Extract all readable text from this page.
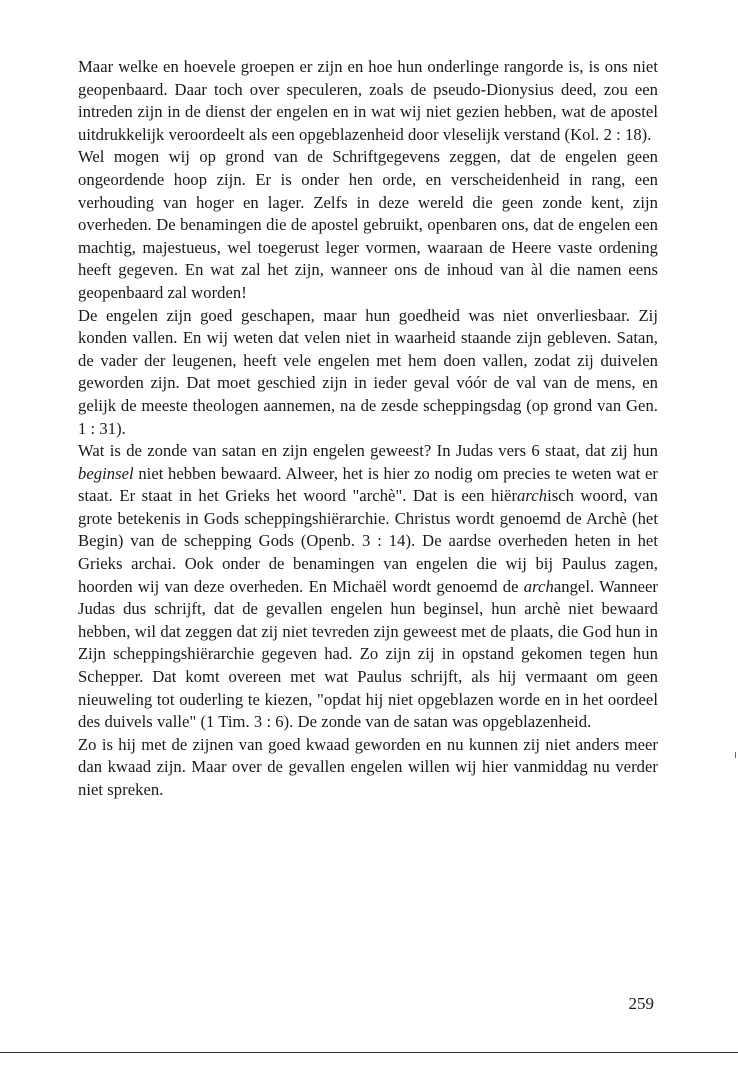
Maar welke en hoevele groepen er zijn en hoe hun onderlinge rangorde is, is ons niet geopenbaard. Daar toch over speculeren, zoals de pseudo-Dionysius deed, zou een intreden zijn in de dienst der engelen en in wat wij niet gezien hebben, wat de apostel uitdrukkelijk veroordeelt als een opgeblazenheid door vleselijk verstand (Kol. 2 : 18).

Wel mogen wij op grond van de Schriftgegevens zeggen, dat de engelen geen ongeordende hoop zijn. Er is onder hen orde, en verscheidenheid in rang, een verhouding van hoger en lager. Zelfs in deze wereld die geen zonde kent, zijn overheden. De benamingen die de apostel gebruikt, openbaren ons, dat de engelen een machtig, majestueus, wel toegerust leger vormen, waaraan de Heere vaste ordening heeft gegeven. En wat zal het zijn, wanneer ons de inhoud van àl die namen eens geopenbaard zal worden!

De engelen zijn goed geschapen, maar hun goedheid was niet onverliesbaar. Zij konden vallen. En wij weten dat velen niet in waarheid staande zijn gebleven. Satan, de vader der leugenen, heeft vele engelen met hem doen vallen, zodat zij duivelen geworden zijn. Dat moet geschied zijn in ieder geval vóór de val van de mens, en gelijk de meeste theologen aannemen, na de zesde scheppingsdag (op grond van Gen. 1 : 31).

Wat is de zonde van satan en zijn engelen geweest? In Judas vers 6 staat, dat zij hun beginsel niet hebben bewaard. Alweer, het is hier zo nodig om precies te weten wat er staat. Er staat in het Grieks het woord "archè". Dat is een hiërarchisch woord, van grote betekenis in Gods scheppingshiërarchie. Christus wordt genoemd de Archè (het Begin) van de schepping Gods (Openb. 3 : 14). De aardse overheden heten in het Grieks archai. Ook onder de benamingen van engelen die wij bij Paulus zagen, hoorden wij van deze overheden. En Michaël wordt genoemd de archangel. Wanneer Judas dus schrijft, dat de gevallen engelen hun beginsel, hun archè niet bewaard hebben, wil dat zeggen dat zij niet tevreden zijn geweest met de plaats, die God hun in Zijn scheppingshiërarchie gegeven had. Zo zijn zij in opstand gekomen tegen hun Schepper. Dat komt overeen met wat Paulus schrijft, als hij vermaant om geen nieuweling tot ouderling te kiezen, "opdat hij niet opgeblazen worde en in het oordeel des duivels valle" (1 Tim. 3 : 6). De zonde van de satan was opgeblazenheid.

Zo is hij met de zijnen van goed kwaad geworden en nu kunnen zij niet anders meer dan kwaad zijn. Maar over de gevallen engelen willen wij hier vanmiddag nu verder niet spreken.

259
